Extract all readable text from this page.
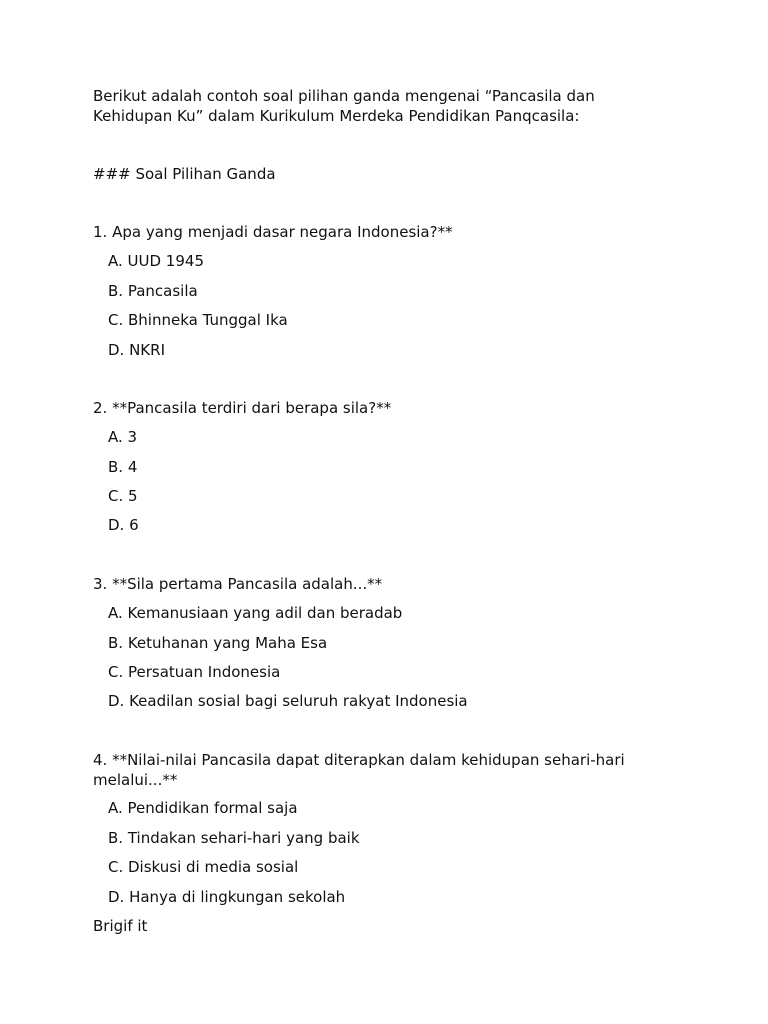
Berikut adalah contoh soal pilihan ganda mengenai “Pancasila dan Kehidupan Ku” dalam Kurikulum Merdeka Pendidikan Panqcasila:
### Soal Pilihan Ganda
1. Apa yang menjadi dasar negara Indonesia?**
A. UUD 1945
B. Pancasila
C. Bhinneka Tunggal Ika
D. NKRI
2. **Pancasila terdiri dari berapa sila?**
A. 3
B. 4
C. 5
D. 6
3. **Sila pertama Pancasila adalah...**
A. Kemanusiaan yang adil dan beradab
B. Ketuhanan yang Maha Esa
C. Persatuan Indonesia
D. Keadilan sosial bagi seluruh rakyat Indonesia
4. **Nilai-nilai Pancasila dapat diterapkan dalam kehidupan sehari-hari melalui...**
A. Pendidikan formal saja
B. Tindakan sehari-hari yang baik
C. Diskusi di media sosial
D. Hanya di lingkungan sekolah
Brigif it
